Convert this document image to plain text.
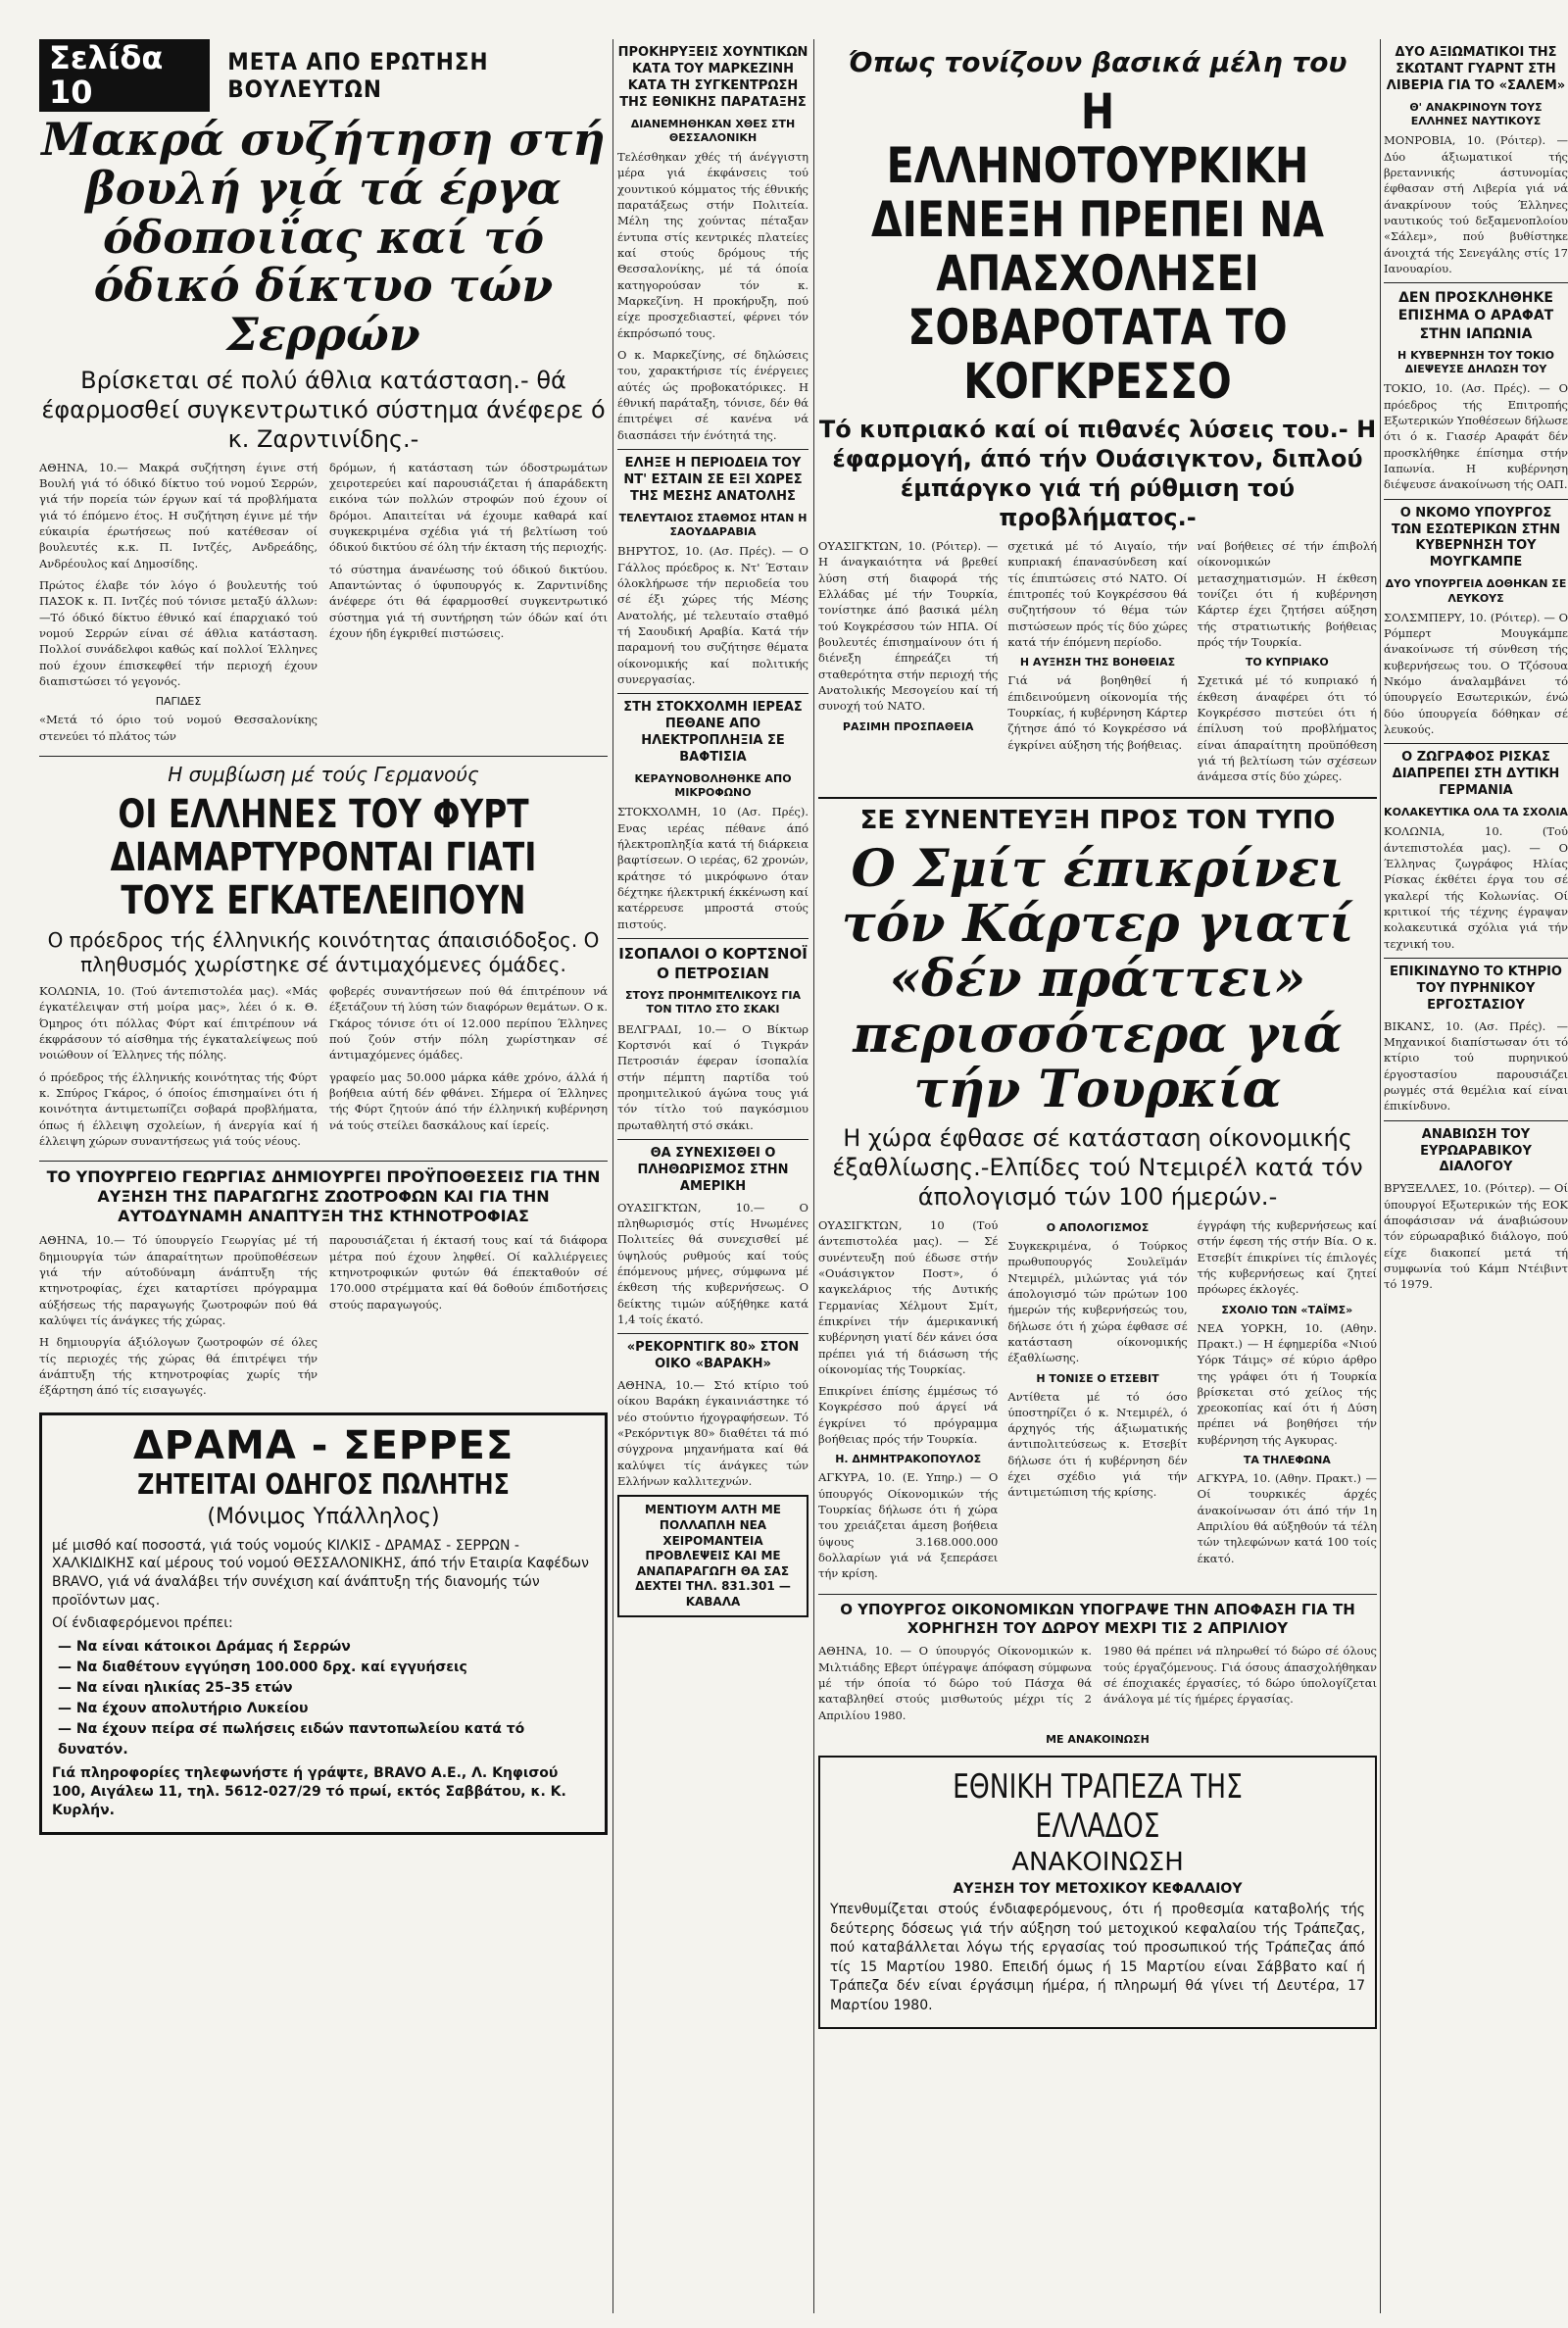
Σελίδα 10
ΜΕΤΑ ΑΠΟ ΕΡΩΤΗΣΗ ΒΟΥΛΕΥΤΩΝ
Μακρά συζήτηση στή βουλή γιά τά έργα όδοποιΐας καί τό όδικό δίκτυο τών Σερρών
Βρίσκεται σέ πολύ άθλια κατάσταση.- θά έφαρμοσθεί συγκεντρωτικό σύστημα άνέφερε ό κ. Ζαρντινίδης.-

ΑΘΗΝΑ, 10.— Μακρά συζήτηση έγινε στή Βουλή γιά τό όδικό δίκτυο τού νομού Σερρών, γιά τήν πορεία τών έργων καί τά προβλήματα γιά τό έπόμενο έτος. Η συζήτηση έγινε μέ τήν εύκαιρία έρωτήσεως πού κατέθεσαν οί βουλευτές κ.κ. Π. Ιντζές, Ανδρεάδης, Ανδρέουλος καί Δημοσίδης.

Πρώτος έλαβε τόν λόγο ό βουλευτής τού ΠΑΣΟΚ κ. Π. Ιντζές πού τόνισε μεταξύ άλλων: —Τό όδικό δίκτυο έθνικό καί έπαρχιακό τού νομού Σερρών είναι σέ άθλια κατάσταση. Πολλοί συνάδελφοι καθώς καί πολλοί Έλληνες πού έχουν έπισκεφθεί τήν περιοχή έχουν διαπιστώσει τό γεγονός.

ΠΑΓΙΔΕΣ

«Μετά τό όριο τού νομού Θεσσαλονίκης στενεύει τό πλάτος τών

δρόμων, ή κατάσταση τών όδοστρωμάτων χειροτερεύει καί παρουσιάζεται ή άπαράδεκτη εικόνα τών πολλών στροφών πού έχουν οί δρόμοι. Απαιτείται νά έχουμε καθαρά καί συγκεκριμένα σχέδια γιά τή βελτίωση τού όδικού δικτύου σέ όλη τήν έκταση τής περιοχής.

τό σύστημα άνανέωσης τού όδικού δικτύου. Απαντώντας ό ύφυπουργός κ. Ζαρντινίδης άνέφερε ότι θά έφαρμοσθεί συγκεντρωτικό σύστημα γιά τή συντήρηση τών όδών καί ότι έχουν ήδη έγκριθεί πιστώσεις.

Η συμβίωση μέ τούς Γερμανούς
ΟΙ ΕΛΛΗΝΕΣ ΤΟΥ ΦΥΡΤ ΔΙΑΜΑΡΤΥΡΟΝΤΑΙ ΓΙΑΤΙ ΤΟΥΣ ΕΓΚΑΤΕΛΕΙΠΟΥΝ
Ο πρόεδρος τής έλληνικής κοινότητας άπαισιόδοξος. Ο πληθυσμός χωρίστηκε σέ άντιμαχόμενες όμάδες.

ΚΟΛΩΝΙΑ, 10. (Τού άντεπιστολέα μας). «Μάς έγκατέλειψαν στή μοίρα μας», λέει ό κ. Θ. Όμηρος ότι πόλλας Φύρτ καί έπιτρέπουν νά έκφράσουν τό αίσθημα τής έγκαταλείψεως πού νοιώθουν οί Έλληνες τής πόλης.

ό πρόεδρος τής έλληνικής κοινότητας τής Φύρτ κ. Σπύρος Γκάρος, ό όποίος έπισημαίνει ότι ή κοινότητα άντιμετωπίζει σοβαρά προβλήματα, όπως ή έλλειψη σχολείων, ή άνεργία καί ή έλλειψη χώρων συναντήσεως γιά τούς νέους.

φοβερές συναντήσεων πού θά έπιτρέπουν νά έξετάζουν τή λύση τών διαφόρων θεμάτων. Ο κ. Γκάρος τόνισε ότι οί 12.000 περίπου Έλληνες πού ζούν στήν πόλη χωρίστηκαν σέ άντιμαχόμενες όμάδες.

γραφείο μας 50.000 μάρκα κάθε χρόνο, άλλά ή βοήθεια αύτή δέν φθάνει. Σήμερα οί Έλληνες τής Φύρτ ζητούν άπό τήν έλληνική κυβέρνηση νά τούς στείλει δασκάλους καί ίερείς.

ΤΟ ΥΠΟΥΡΓΕΙΟ ΓΕΩΡΓΙΑΣ ΔΗΜΙΟΥΡΓΕΙ ΠΡΟΫΠΟΘΕΣΕΙΣ ΓΙΑ ΤΗΝ ΑΥΞΗΣΗ ΤΗΣ ΠΑΡΑΓΩΓΗΣ ΖΩΟΤΡΟΦΩΝ ΚΑΙ ΓΙΑ ΤΗΝ ΑΥΤΟΔΥΝΑΜΗ ΑΝΑΠΤΥΞΗ ΤΗΣ ΚΤΗΝΟΤΡΟΦΙΑΣ

ΑΘΗΝΑ, 10.— Τό ύπουργείο Γεωργίας μέ τή δημιουργία τών άπαραίτητων προϋποθέσεων γιά τήν αύτοδύναμη άνάπτυξη τής κτηνοτροφίας, έχει καταρτίσει πρόγραμμα αύξήσεως τής παραγωγής ζωοτροφών πού θά καλύψει τίς άνάγκες τής χώρας.

Η δημιουργία άξιόλογων ζωοτροφών σέ όλες τίς περιοχές τής χώρας θά έπιτρέψει τήν άνάπτυξη τής κτηνοτροφίας χωρίς τήν έξάρτηση άπό τίς εισαγωγές.

παρουσιάζεται ή έκτασή τους καί τά διάφορα μέτρα πού έχουν ληφθεί. Οί καλλιέργειες κτηνοτροφικών φυτών θά έπεκταθούν σέ 170.000 στρέμματα καί θά δοθούν έπιδοτήσεις στούς παραγωγούς.

ΔΡΑΜΑ - ΣΕΡΡΕΣ
ΖΗΤΕΙΤΑΙ ΟΔΗΓΟΣ ΠΩΛΗΤΗΣ
(Μόνιμος Υπάλληλος)

μέ μισθό καί ποσοστά, γιά τούς νομούς ΚΙΛΚΙΣ - ΔΡΑΜΑΣ - ΣΕΡΡΩΝ - ΧΑΛΚΙΔΙΚΗΣ καί μέρους τού νομού ΘΕΣΣΑΛΟΝΙΚΗΣ, άπό τήν Εταιρία Καφέδων BRAVO, γιά νά άναλάβει τήν συνέχιση καί άνάπτυξη τής διανομής τών προϊόντων μας.

Οί ένδιαφερόμενοι πρέπει:

— Να είναι κάτοικοι Δράμας ή Σερρών

— Να διαθέτουν εγγύηση 100.000 δρχ. καί εγγυήσεις

— Να είναι ηλικίας 25–35 ετών

— Να έχουν απολυτήριο Λυκείου

— Να έχουν πείρα σέ πωλήσεις ειδών παντοπωλείου κατά τό δυνατόν.

Γιά πληροφορίες τηλεφωνήστε ή γράψτε, BRAVO Α.Ε., Λ. Κηφισού 100, Αιγάλεω 11, τηλ. 5612-027/29 τό πρωί, εκτός Σαββάτου, κ. Κ. Κυρλήν.

ΠΡΟΚΗΡΥΞΕΙΣ ΧΟΥΝΤΙΚΩΝ ΚΑΤΑ ΤΟΥ ΜΑΡΚΕΖΙΝΗ ΚΑΤΑ ΤΗ ΣΥΓΚΕΝΤΡΩΣΗ ΤΗΣ ΕΘΝΙΚΗΣ ΠΑΡΑΤΑΞΗΣ
ΔΙΑΝΕΜΗΘΗΚΑΝ ΧΘΕΣ ΣΤΗ ΘΕΣΣΑΛΟΝΙΚΗ

Τελέσθηκαν χθές τή άνέγγιστη μέρα γιά έκφάνσεις τού χουντικού κόμματος τής έθνικής παρατάξεως στήν Πολιτεία. Μέλη της χούντας πέταξαν έντυπα στίς κεντρικές πλατείες καί στούς δρόμους τής Θεσσαλονίκης, μέ τά όποία κατηγορούσαν τόν κ. Μαρκεζίνη. Η προκήρυξη, πού είχε προσχεδιαστεί, φέρνει τόν έκπρόσωπό τους.

Ο κ. Μαρκεζίνης, σέ δηλώσεις του, χαρακτήρισε τίς ένέργειες αύτές ώς προβοκατόρικες. Η έθνική παράταξη, τόνισε, δέν θά έπιτρέψει σέ κανένα νά διασπάσει τήν ένότητά της.

ΕΛΗΞΕ Η ΠΕΡΙΟΔΕΙΑ ΤΟΥ ΝΤ' ΕΣΤΑΙΝ ΣΕ ΕΞΙ ΧΩΡΕΣ ΤΗΣ ΜΕΣΗΣ ΑΝΑΤΟΛΗΣ
ΤΕΛΕΥΤΑΙΟΣ ΣΤΑΘΜΟΣ ΗΤΑΝ Η ΣΑΟΥΔΑΡΑΒΙΑ

ΒΗΡΥΤΟΣ, 10. (Ασ. Πρές). — Ο Γάλλος πρόεδρος κ. Ντ' Έσταιν όλοκλήρωσε τήν περιοδεία του σέ έξι χώρες τής Μέσης Ανατολής, μέ τελευταίο σταθμό τή Σαουδική Αραβία. Κατά τήν παραμονή του συζήτησε θέματα οίκονομικής καί πολιτικής συνεργασίας.

ΣΤΗ ΣΤΟΚΧΟΛΜΗ ΙΕΡΕΑΣ ΠΕΘΑΝΕ ΑΠΟ ΗΛΕΚΤΡΟΠΛΗΞΙΑ ΣΕ ΒΑΦΤΙΣΙΑ
ΚΕΡΑΥΝΟΒΟΛΗΘΗΚΕ ΑΠΟ ΜΙΚΡΟΦΩΝΟ

ΣΤΟΚΧΟΛΜΗ, 10 (Ασ. Πρές). Ενας ιερέας πέθανε άπό ήλεκτροπληξία κατά τή διάρκεια βαφτίσεων. Ο ιερέας, 62 χρονών, κράτησε τό μικρόφωνο όταν δέχτηκε ήλεκτρική έκκένωση καί κατέρρευσε μπροστά στούς πιστούς.

ΙΣΟΠΑΛΟΙ Ο ΚΟΡΤΣΝΟΪ Ο ΠΕΤΡΟΣΙΑΝ
ΣΤΟΥΣ ΠΡΟΗΜΙΤΕΛΙΚΟΥΣ ΓΙΑ ΤΟΝ ΤΙΤΛΟ ΣΤΟ ΣΚΑΚΙ

ΒΕΛΓΡΑΔΙ, 10.— Ο Βίκτωρ Κορτσνόι καί ό Τιγκράν Πετροσιάν έφεραν ίσοπαλία στήν πέμπτη παρτίδα τού προημιτελικού άγώνα τους γιά τόν τίτλο τού παγκόσμιου πρωταθλητή στό σκάκι.

ΘΑ ΣΥΝΕΧΙΣΘΕΙ Ο ΠΛΗΘΩΡΙΣΜΟΣ ΣΤΗΝ ΑΜΕΡΙΚΗ

ΟΥΑΣΙΓΚΤΩΝ, 10.— Ο πληθωρισμός στίς Ηνωμένες Πολιτείες θά συνεχισθεί μέ ύψηλούς ρυθμούς καί τούς έπόμενους μήνες, σύμφωνα μέ έκθεση τής κυβερνήσεως. Ο δείκτης τιμών αύξήθηκε κατά 1,4 τοίς έκατό.

«ΡΕΚΟΡΝΤΙΓΚ 80» ΣΤΟΝ ΟΙΚΟ «ΒΑΡΑΚΗ»

ΑΘΗΝΑ, 10.— Στό κτίριο τού οίκου Βαράκη έγκαινιάστηκε τό νέο στούντιο ήχογραφήσεων. Τό «Ρεκόρντιγκ 80» διαθέτει τά πιό σύγχρονα μηχανήματα καί θά καλύψει τίς άνάγκες τών Ελλήνων καλλιτεχνών.

ΜΕΝΤΙΟΥΜ ΑΛΤΗ ΜΕ ΠΟΛΛΑΠΛΗ ΝΕΑ ΧΕΙΡΟΜΑΝΤΕΙΑ ΠΡΟΒΛΕΨΕΙΣ ΚΑΙ ΜΕ ΑΝΑΠΑΡΑΓΩΓΗ ΘΑ ΣΑΣ ΔΕΧΤΕΙ ΤΗΛ. 831.301 — ΚΑΒΑΛΑ
Όπως τονίζουν βασικά μέλη του
Η ΕΛΛΗΝΟΤΟΥΡΚΙΚΗ ΔΙΕΝΕΞΗ ΠΡΕΠΕΙ ΝΑ ΑΠΑΣΧΟΛΗΣΕΙ ΣΟΒΑΡΟΤΑΤΑ ΤΟ ΚΟΓΚΡΕΣΣΟ
Τό κυπριακό καί οί πιθανές λύσεις του.- Η έφαρμογή, άπό τήν Ουάσιγκτον, διπλού έμπάργκο γιά τή ρύθμιση τού προβλήματος.-

ΟΥΑΣΙΓΚΤΩΝ, 10. (Ρόιτερ). — Η άναγκαιότητα νά βρεθεί λύση στή διαφορά τής Ελλάδας μέ τήν Τουρκία, τονίστηκε άπό βασικά μέλη τού Κογκρέσσου τών ΗΠΑ. Οί βουλευτές έπισημαίνουν ότι ή διένεξη έπηρεάζει τή σταθερότητα στήν περιοχή τής Ανατολικής Μεσογείου καί τή συνοχή τού ΝΑΤΟ.

ΡΑΣΙΜΗ ΠΡΟΣΠΑΘΕΙΑ

σχετικά μέ τό Αιγαίο, τήν κυπριακή έπανασύνδεση καί τίς έπιπτώσεις στό ΝΑΤΟ. Οί έπιτροπές τού Κογκρέσσου θά συζητήσουν τό θέμα τών πιστώσεων πρός τίς δύο χώρες κατά τήν έπόμενη περίοδο.

Η ΑΥΞΗΣΗ ΤΗΣ ΒΟΗΘΕΙΑΣ

Γιά νά βοηθηθεί ή έπιδεινούμενη οίκονομία τής Τουρκίας, ή κυβέρνηση Κάρτερ ζήτησε άπό τό Κογκρέσσο νά έγκρίνει αύξηση τής βοήθειας.

ναί βοήθειες σέ τήν έπιβολή οίκονομικών μετασχηματισμών. Η έκθεση τονίζει ότι ή κυβέρνηση Κάρτερ έχει ζητήσει αύξηση τής στρατιωτικής βοήθειας πρός τήν Τουρκία.

ΤΟ ΚΥΠΡΙΑΚΟ

Σχετικά μέ τό κυπριακό ή έκθεση άναφέρει ότι τό Κογκρέσσο πιστεύει ότι ή έπίλυση τού προβλήματος είναι άπαραίτητη προϋπόθεση γιά τή βελτίωση τών σχέσεων άνάμεσα στίς δύο χώρες.

ΣΕ ΣΥΝΕΝΤΕΥΞΗ ΠΡΟΣ ΤΟΝ ΤΥΠΟ
Ο Σμίτ έπικρίνει τόν Κάρτερ γιατί «δέν πράττει» περισσότερα γιά τήν Τουρκία
Η χώρα έφθασε σέ κατάσταση οίκονομικής έξαθλίωσης.-Ελπίδες τού Ντεμιρέλ κατά τόν άπολογισμό τών 100 ήμερών.-

ΟΥΑΣΙΓΚΤΩΝ, 10 (Τού άντεπιστολέα μας). — Σέ συνέντευξη πού έδωσε στήν «Ουάσιγκτον Ποστ», ό καγκελάριος τής Δυτικής Γερμανίας Χέλμουτ Σμίτ, έπικρίνει τήν άμερικανική κυβέρνηση γιατί δέν κάνει όσα πρέπει γιά τή διάσωση τής οίκονομίας τής Τουρκίας.

Επικρίνει έπίσης έμμέσως τό Κογκρέσσο πού άργεί νά έγκρίνει τό πρόγραμμα βοήθειας πρός τήν Τουρκία.

Η. ΔΗΜΗΤΡΑΚΟΠΟΥΛΟΣ

ΑΓΚΥΡΑ, 10. (Ε. Υπηρ.) — Ο ύπουργός Οίκονομικών τής Τουρκίας δήλωσε ότι ή χώρα του χρειάζεται άμεση βοήθεια ύψους 3.168.000.000 δολλαρίων γιά νά ξεπεράσει τήν κρίση.

Ο ΑΠΟΛΟΓΙΣΜΟΣ

Συγκεκριμένα, ό Τούρκος πρωθυπουργός Σουλεϊμάν Ντεμιρέλ, μιλώντας γιά τόν άπολογισμό τών πρώτων 100 ήμερών τής κυβερνήσεώς του, δήλωσε ότι ή χώρα έφθασε σέ κατάσταση οίκονομικής έξαθλίωσης.

Η ΤΟΝΙΣΕ Ο ΕΤΣΕΒΙΤ

Αντίθετα μέ τό όσο ύποστηρίζει ό κ. Ντεμιρέλ, ό άρχηγός τής άξιωματικής άντιπολιτεύσεως κ. Ετσεβίτ δήλωσε ότι ή κυβέρνηση δέν έχει σχέδιο γιά τήν άντιμετώπιση τής κρίσης.

έγγράφη τής κυβερνήσεως καί στήν έφεση τής στήν Βία. Ο κ. Ετσεβίτ έπικρίνει τίς έπιλογές τής κυβερνήσεως καί ζητεί πρόωρες έκλογές.

ΣΧΟΛΙΟ ΤΩΝ «ΤΑΪΜΣ»

ΝΕΑ ΥΟΡΚΗ, 10. (Αθην. Πρακτ.) — Η έφημερίδα «Νιού Υόρκ Τάιμς» σέ κύριο άρθρο της γράφει ότι ή Τουρκία βρίσκεται στό χείλος τής χρεοκοπίας καί ότι ή Δύση πρέπει νά βοηθήσει τήν κυβέρνηση τής Αγκυρας.

ΤΑ ΤΗΛΕΦΩΝΑ

ΑΓΚΥΡΑ, 10. (Αθην. Πρακτ.) — Οί τουρκικές άρχές άνακοίνωσαν ότι άπό τήν 1η Απριλίου θά αύξηθούν τά τέλη τών τηλεφώνων κατά 100 τοίς έκατό.

Ο ΥΠΟΥΡΓΟΣ ΟΙΚΟΝΟΜΙΚΩΝ ΥΠΟΓΡΑΨΕ ΤΗΝ ΑΠΟΦΑΣΗ ΓΙΑ ΤΗ ΧΟΡΗΓΗΣΗ ΤΟΥ ΔΩΡΟΥ ΜΕΧΡΙ ΤΙΣ 2 ΑΠΡΙΛΙΟΥ

ΑΘΗΝΑ, 10. — Ο ύπουργός Οίκονομικών κ. Μιλτιάδης Εβερτ ύπέγραψε άπόφαση σύμφωνα μέ τήν όποία τό δώρο τού Πάσχα θά καταβληθεί στούς μισθωτούς μέχρι τίς 2 Απριλίου 1980.

1980 θά πρέπει νά πληρωθεί τό δώρο σέ όλους τούς έργαζόμενους. Γιά όσους άπασχολήθηκαν σέ έποχιακές έργασίες, τό δώρο ύπολογίζεται άνάλογα μέ τίς ήμέρες έργασίας.

ΜΕ ΑΝΑΚΟΙΝΩΣΗ
ΕΘΝΙΚΗ ΤΡΑΠΕΖΑ ΤΗΣ ΕΛΛΑΔΟΣ
ΑΝΑΚΟΙΝΩΣΗ
ΑΥΞΗΣΗ ΤΟΥ ΜΕΤΟΧΙΚΟΥ ΚΕΦΑΛΑΙΟΥ

Υπενθυμίζεται στούς ένδιαφερόμενους, ότι ή προθεσμία καταβολής τής δεύτερης δόσεως γιά τήν αύξηση τού μετοχικού κεφαλαίου τής Τράπεζας, πού καταβάλλεται λόγω τής εργασίας τού προσωπικού τής Τράπεζας άπό τίς 15 Μαρτίου 1980. Επειδή όμως ή 15 Μαρτίου είναι Σάββατο καί ή Τράπεζα δέν είναι έργάσιμη ήμέρα, ή πληρωμή θά γίνει τή Δευτέρα, 17 Μαρτίου 1980.

ΔΥΟ ΑΞΙΩΜΑΤΙΚΟΙ ΤΗΣ ΣΚΩΤΑΝΤ ΓΥΑΡΝΤ ΣΤΗ ΛΙΒΕΡΙΑ ΓΙΑ ΤΟ «ΣΑΛΕΜ»
Θ' ΑΝΑΚΡΙΝΟΥΝ ΤΟΥΣ ΕΛΛΗΝΕΣ ΝΑΥΤΙΚΟΥΣ

ΜΟΝΡΟΒΙΑ, 10. (Ρόιτερ). — Δύο άξιωματικοί τής βρεταννικής άστυνομίας έφθασαν στή Λιβερία γιά νά άνακρίνουν τούς Έλληνες ναυτικούς τού δεξαμενοπλοίου «Σάλεμ», πού βυθίστηκε άνοιχτά τής Σενεγάλης στίς 17 Ιανουαρίου.

ΔΕΝ ΠΡΟΣΚΛΗΘΗΚΕ ΕΠΙΣΗΜΑ Ο ΑΡΑΦΑΤ ΣΤΗΝ ΙΑΠΩΝΙΑ
Η ΚΥΒΕΡΝΗΣΗ ΤΟΥ ΤΟΚΙΟ ΔΙΕΨΕΥΣΕ ΔΗΛΩΣΗ ΤΟΥ

ΤΟΚΙΟ, 10. (Ασ. Πρές). — Ο πρόεδρος τής Επιτροπής Εξωτερικών Υποθέσεων δήλωσε ότι ό κ. Γιασέρ Αραφάτ δέν προσκλήθηκε έπίσημα στήν Ιαπωνία. Η κυβέρνηση διέψευσε άνακοίνωση τής ΟΑΠ.

Ο ΝΚΟΜΟ ΥΠΟΥΡΓΟΣ ΤΩΝ ΕΣΩΤΕΡΙΚΩΝ ΣΤΗΝ ΚΥΒΕΡΝΗΣΗ ΤΟΥ ΜΟΥΓΚΑΜΠΕ
ΔΥΟ ΥΠΟΥΡΓΕΙΑ ΔΟΘΗΚΑΝ ΣΕ ΛΕΥΚΟΥΣ

ΣΟΛΣΜΠΕΡΥ, 10. (Ρόιτερ). — Ο Ρόμπερτ Μουγκάμπε άνακοίνωσε τή σύνθεση τής κυβερνήσεως του. Ο Τζόσουα Νκόμο άναλαμβάνει τό ύπουργείο Εσωτερικών, ένώ δύο ύπουργεία δόθηκαν σέ λευκούς.

Ο ΖΩΓΡΑΦΟΣ ΡΙΣΚΑΣ ΔΙΑΠΡΕΠΕΙ ΣΤΗ ΔΥΤΙΚΗ ΓΕΡΜΑΝΙΑ
ΚΟΛΑΚΕΥΤΙΚΑ ΟΛΑ ΤΑ ΣΧΟΛΙΑ

ΚΟΛΩΝΙΑ, 10. (Τού άντεπιστολέα μας). — Ο Έλληνας ζωγράφος Ηλίας Ρίσκας έκθέτει έργα του σέ γκαλερί τής Κολωνίας. Οί κριτικοί τής τέχνης έγραψαν κολακευτικά σχόλια γιά τήν τεχνική του.

ΕΠΙΚΙΝΔΥΝΟ ΤΟ ΚΤΗΡΙΟ ΤΟΥ ΠΥΡΗΝΙΚΟΥ ΕΡΓΟΣΤΑΣΙΟΥ

ΒΙΚΑΝΣ, 10. (Ασ. Πρές). — Μηχανικοί διαπίστωσαν ότι τό κτίριο τού πυρηνικού έργοστασίου παρουσιάζει ρωγμές στά θεμέλια καί είναι έπικίνδυνο.

ΑΝΑΒΙΩΣΗ ΤΟΥ ΕΥΡΩΑΡΑΒΙΚΟΥ ΔΙΑΛΟΓΟΥ

ΒΡΥΞΕΛΛΕΣ, 10. (Ρόιτερ). — Οί ύπουργοί Εξωτερικών τής ΕΟΚ άποφάσισαν νά άναβιώσουν τόν εύρωαραβικό διάλογο, πού είχε διακοπεί μετά τή συμφωνία τού Κάμπ Ντέιβιντ τό 1979.
